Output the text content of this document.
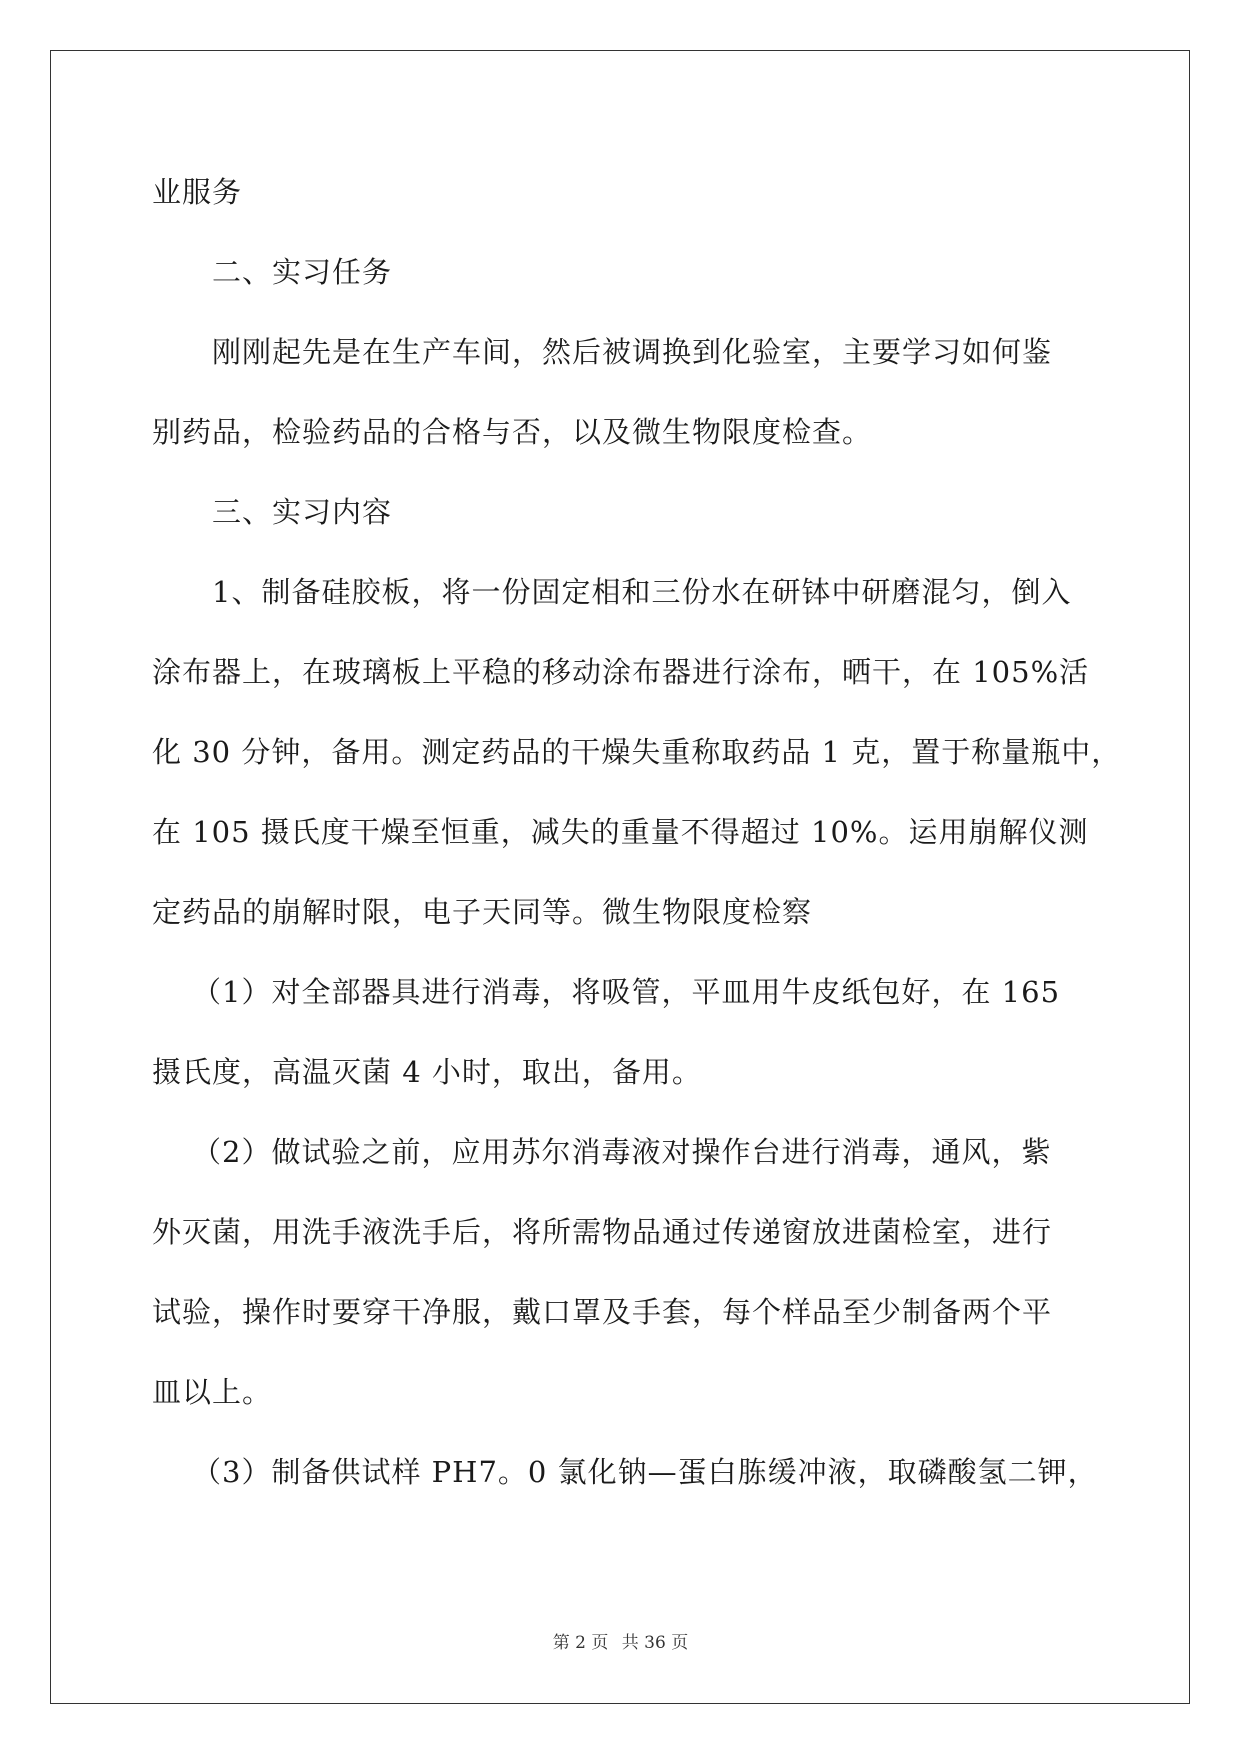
业服务
二、实习任务
刚刚起先是在生产车间，然后被调换到化验室，主要学习如何鉴
别药品，检验药品的合格与否，以及微生物限度检查。
三、实习内容
1、制备硅胶板，将一份固定相和三份水在研钵中研磨混匀，倒入
涂布器上，在玻璃板上平稳的移动涂布器进行涂布，晒干，在 105%活
化 30 分钟，备用。测定药品的干燥失重称取药品 1 克，置于称量瓶中，
在 105 摄氏度干燥至恒重，减失的重量不得超过 10%。运用崩解仪测
定药品的崩解时限，电子天同等。微生物限度检察
（1）对全部器具进行消毒，将吸管，平皿用牛皮纸包好，在 165
摄氏度，高温灭菌 4 小时，取出，备用。
（2）做试验之前，应用苏尔消毒液对操作台进行消毒，通风，紫
外灭菌，用洗手液洗手后，将所需物品通过传递窗放进菌检室，进行
试验，操作时要穿干净服，戴口罩及手套，每个样品至少制备两个平
皿以上。
（3）制备供试样 PH7。0 氯化钠—蛋白胨缓冲液，取磷酸氢二钾，
第 2 页 共 36 页
